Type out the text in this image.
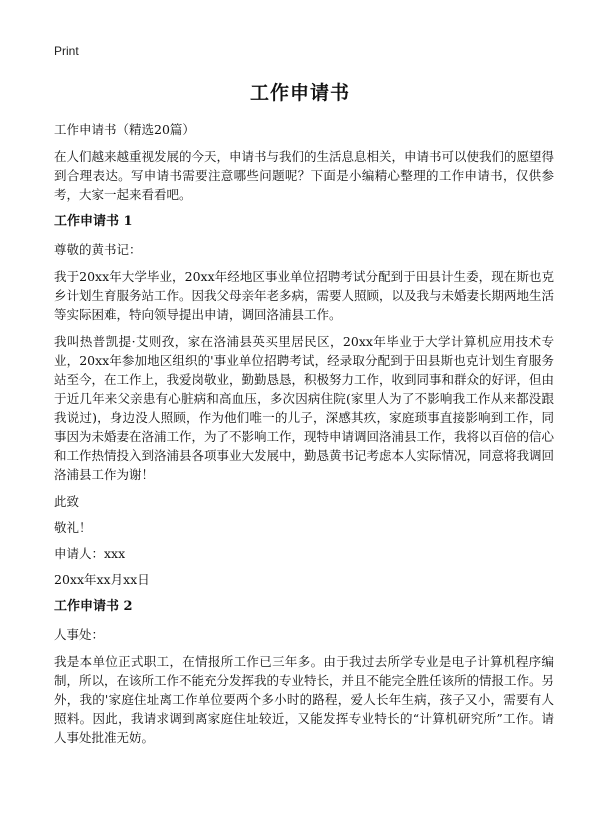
Print
工作申请书

工作申请书（精选20篇）

在人们越来越重视发展的今天，申请书与我们的生活息息相关，申请书可以使我们的愿望得到合理表达。写申请书需要注意哪些问题呢？下面是小编精心整理的工作申请书，仅供参考，大家一起来看看吧。

工作申请书 1

尊敬的黄书记：

我于20xx年大学毕业，20xx年经地区事业单位招聘考试分配到于田县计生委，现在斯也克乡计划生育服务站工作。因我父母亲年老多病，需要人照顾，以及我与未婚妻长期两地生活等实际困难，特向领导提出申请，调回洛浦县工作。

我叫热普凯提·艾则孜，家在洛浦县英买里居民区，20xx年毕业于大学计算机应用技术专业，20xx年参加地区组织的'事业单位招聘考试，经录取分配到于田县斯也克计划生育服务站至今，在工作上，我爱岗敬业，勤勤恳恳，积极努力工作，收到同事和群众的好评，但由于近几年来父亲患有心脏病和高血压，多次因病住院(家里人为了不影响我工作从来都没跟我说过)，身边没人照顾，作为他们唯一的儿子，深感其疚，家庭琐事直接影响到工作，同事因为未婚妻在洛浦工作，为了不影响工作，现特申请调回洛浦县工作，我将以百倍的信心和工作热情投入到洛浦县各项事业大发展中，勤恳黄书记考虑本人实际情况，同意将我调回洛浦县工作为谢！

此致

敬礼！

申请人：xxx

20xx年xx月xx日

工作申请书 2

人事处：

我是本单位正式职工，在情报所工作已三年多。由于我过去所学专业是电子计算机程序编制，所以，在该所工作不能充分发挥我的专业特长，并且不能完全胜任该所的情报工作。另外，我的'家庭住址离工作单位要两个多小时的路程，爱人长年生病，孩子又小，需要有人照料。因此，我请求调到离家庭住址较近，又能发挥专业特长的“计算机研究所”工作。请人事处批准无妨。
